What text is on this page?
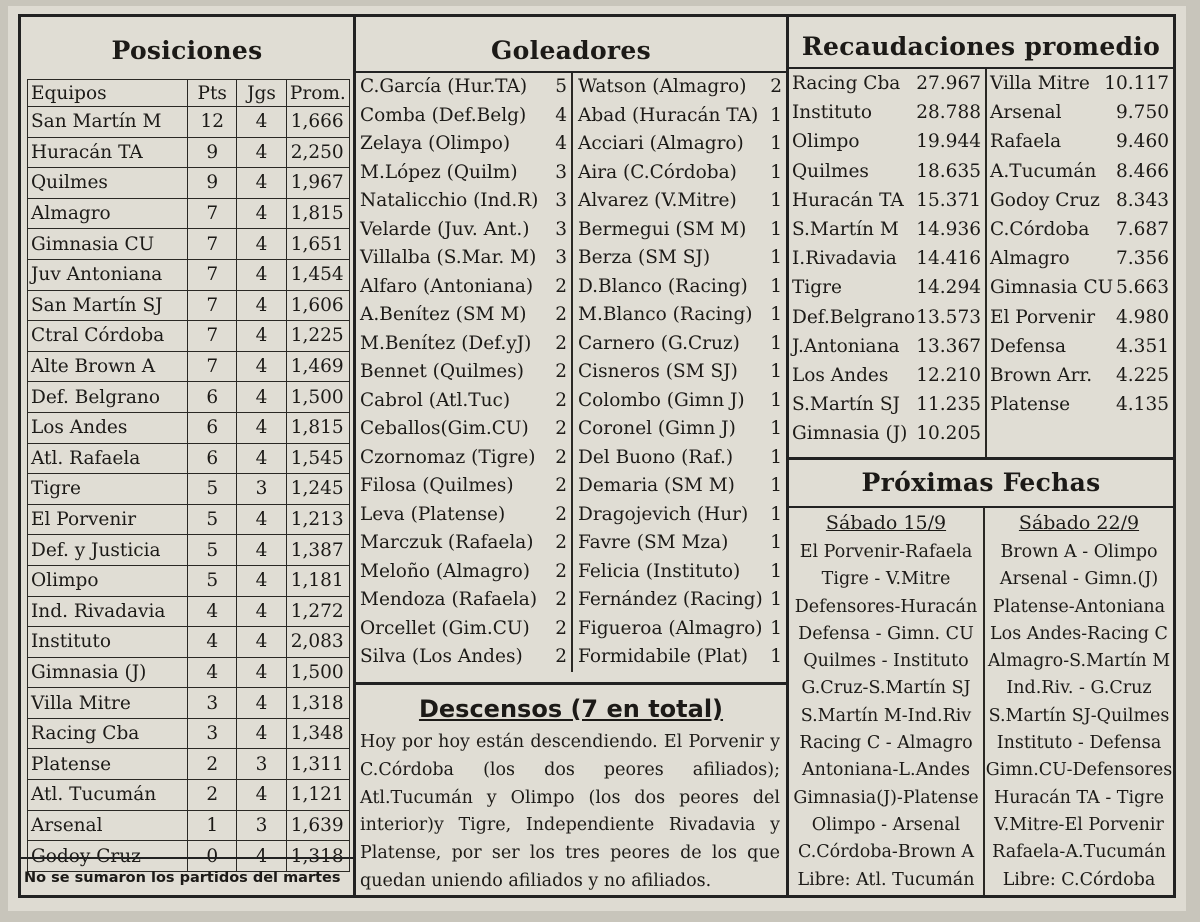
Posiciones
Equipos	Pts	Jgs	Prom.
San Martín M	12	4	1,666
Huracán TA	9	4	2,250
Quilmes	9	4	1,967
Almagro	7	4	1,815
Gimnasia CU	7	4	1,651
Juv Antoniana	7	4	1,454
San Martín SJ	7	4	1,606
Ctral Córdoba	7	4	1,225
Alte Brown A	7	4	1,469
Def. Belgrano	6	4	1,500
Los Andes	6	4	1,815
Atl. Rafaela	6	4	1,545
Tigre	5	3	1,245
El Porvenir	5	4	1,213
Def. y Justicia	5	4	1,387
Olimpo	5	4	1,181
Ind. Rivadavia	4	4	1,272
Instituto	4	4	2,083
Gimnasia (J)	4	4	1,500
Villa Mitre	3	4	1,318
Racing Cba	3	4	1,348
Platense	2	3	1,311
Atl. Tucumán	2	4	1,121
Arsenal	1	3	1,639
Godoy Cruz	0	4	1,318
No se sumaron los partidos del martes
Goleadores
C.García (Hur.TA)	5
Comba (Def.Belg)	4
Zelaya (Olimpo)	4
M.López (Quilm)	3
Natalicchio (Ind.R) 3
Velarde (Juv. Ant.)	3
Villalba (S.Mar. M)	3
Alfaro (Antoniana)	2
A.Benítez (SM M)	2
M.Benítez (Def.yJ)	2
Bennet (Quilmes)	2
Cabrol (Atl.Tuc)	2
Ceballos(Gim.CU)	2
Czornomaz (Tigre)	2
Filosa (Quilmes)	2
Leva (Platense)	2
Marczuk (Rafaela)	2
Meloño (Almagro)	2
Mendoza (Rafaela) 2
Orcellet (Gim.CU)	2
Silva (Los Andes)	2
Watson (Almagro)	2
Abad (Huracán TA) 1
Acciari (Almagro)	1
Aira (C.Córdoba)	1
Alvarez (V.Mitre)	1
Bermegui (SM M)	1
Berza (SM SJ)	1
D.Blanco (Racing)	1
M.Blanco (Racing) 1
Carnero (G.Cruz)	1
Cisneros (SM SJ)	1
Colombo (Gimn J)	1
Coronel (Gimn J)	1
Del Buono (Raf.)	1
Demaria (SM M)	1
Dragojevich (Hur)	1
Favre (SM Mza)	1
Felicia (Instituto)	1
Fernández (Racing) 1
Figueroa (Almagro) 1
Formidabile (Plat)	1
Descensos (7 en total)
Hoy por hoy están descendiendo. El Porvenir y C.Córdoba (los dos peores afiliados); Atl.Tucumán y Olimpo (los dos peores del interior)y Tigre, Independiente Rivadavia y Platense, por ser los tres peores de los que quedan uniendo afiliados y no afiliados.
Recaudaciones promedio
Racing Cba 27.967
Instituto	28.788
Olimpo	19.944
Quilmes	18.635
Huracán TA 15.371
S.Martín M 14.936
I.Rivadavia	14.416
Tigre	14.294
Def.Belgrano 13.573
J.Antoniana 13.367
Los Andes	12.210
S.Martín SJ 11.235
Gimnasia (J) 10.205
Villa Mitre 10.117
Arsenal	9.750
Rafaela	9.460
A.Tucumán	8.466
Godoy Cruz 8.343
C.Córdoba	7.687
Almagro	7.356
Gimnasia CU 5.663
El Porvenir	4.980
Defensa	4.351
Brown Arr.	4.225
Platense	4.135
Próximas Fechas
Sábado 15/9
El Porvenir-Rafaela
Tigre - V.Mitre
Defensores-Huracán
Defensa - Gimn. CU
Quilmes - Instituto
G.Cruz-S.Martín SJ
S.Martín M-Ind.Riv
Racing C - Almagro
Antoniana-L.Andes
Gimnasia(J)-Platense
Olimpo - Arsenal
C.Córdoba-Brown A
Libre: Atl. Tucumán
Sábado 22/9
Brown A - Olimpo
Arsenal - Gimn.(J)
Platense-Antoniana
Los Andes-Racing C
Almagro-S.Martín M
Ind.Riv. - G.Cruz
S.Martín SJ-Quilmes
Instituto - Defensa
Gimn.CU-Defensores
Huracán TA - Tigre
V.Mitre-El Porvenir
Rafaela-A.Tucumán
Libre: C.Córdoba
